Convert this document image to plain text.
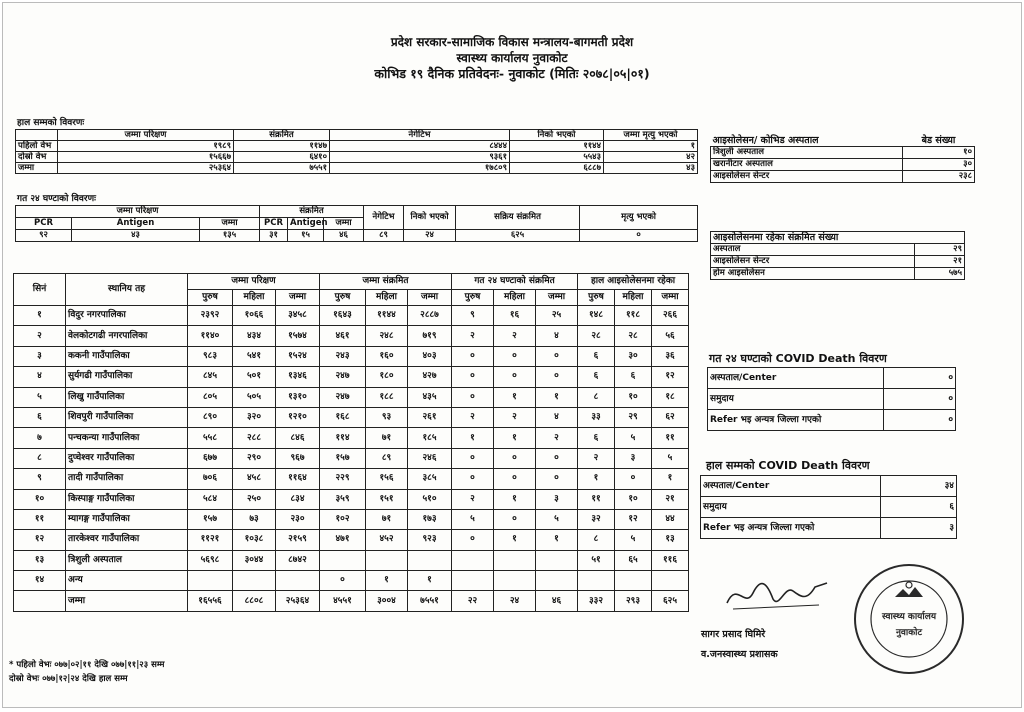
प्रदेश सरकार-सामाजिक विकास मन्त्रालय-बागमती प्रदेश
स्वास्थ्य कार्यालय नुवाकोट
कोभिड १९ दैनिक प्रतिवेदनः- नुवाकोट (मितिः २०७८|०५|०१)
हाल सम्मको विवरणः
	जम्मा परिक्षण	संक्रमित	नेगेटिभ	निको भएको	जम्मा मृत्यु भएको
पहिलो वेभ	१९८९	११४७	८४४४	११४४	१
दोस्रो वेभ	१५६६७	६४१०	९३६१	५५४३	४२
जम्मा	२५३६४	७५५१	१७८०९	६८८७	४३
गत २४ घण्टाको विवरणः
जम्मा परिक्षण			संक्रमित			नेगेटिभ	निको भएको	सक्रिय संक्रमित	मृत्यु भएको
PCR	Antigen	जम्मा	PCR	Antigen	जम्मा				
९२	४३	१३५	३१	१५	४६	८९	२४	६२५	०
आइसोलेसन/ कोभिड अस्पताल	बेड संख्या
त्रिशुली अस्पताल	१०
खरानीटार अस्पताल	३०
आइसोलेसन सेन्टर	२३८
आइसोलेसनमा रहेका संक्रमित संख्या	
अस्पताल	२९
आइसोलेसन सेन्टर	२१
होम आइसोलेसन	५७५
सिनं	स्थानिय तह	जम्मा परिक्षण			जम्मा संक्रमित			गत २४ घण्टाको संक्रमित			हाल आइसोलेसनमा रहेका		
		पुरुष	महिला	जम्मा	पुरुष	महिला	जम्मा	पुरुष	महिला	जम्मा	पुरुष	महिला	जम्मा
१	विदुर नगरपालिका	२३९२	१०६६	३४५८	१६४३	११४४	२८८७	९	१६	२५	१४८	११८	२६६
२	वेलकोटगढी नगरपालिका	११४०	४३४	१५७४	४६१	२४८	७१९	२	२	४	२८	२८	५६
३	ककनी गाउँपालिका	९८३	५४१	१५२४	२४३	१६०	४०३	०	०	०	६	३०	३६
४	सुर्यगढी गाउँपालिका	८४५	५०१	१३४६	२४७	१८०	४२७	०	०	०	६	६	१२
५	लिखु गाउँपालिका	८०५	५०५	१३१०	२४७	१८८	४३५	०	१	१	८	१०	१८
६	शिवपुरी गाउँपालिका	८९०	३२०	१२१०	१६८	९३	२६१	२	२	४	३३	२९	६२
७	पन्चकन्या गाउँपालिका	५५८	२८८	८४६	११४	७१	१८५	१	१	२	६	५	११
८	दुप्चेश्वर गाउँपालिका	६७७	२९०	९६७	१५७	८९	२४६	०	०	०	२	३	५
९	तादी गाउँपालिका	७०६	४५८	११६४	२२९	१५६	३८५	०	०	०	१	०	१
१०	किस्पाङ्ग गाउँपालिका	५८४	२५०	८३४	३५९	१५१	५१०	२	१	३	११	१०	२१
११	म्यागङ्ग गाउँपालिका	१५७	७३	२३०	१०२	७१	१७३	५	०	५	३२	१२	४४
१२	तारकेश्वर गाउँपालिका	११२१	१०३८	२१५९	४७१	४५२	९२३	०	१	१	८	५	१३
१३	त्रिशुली अस्पताल	५६९८	३०४४	८७४२							५१	६५	११६
१४	अन्य				०	१	१						
	जम्मा	१६५५६	८८०८	२५३६४	४५५१	३००४	७५५१	२२	२४	४६	३३२	२९३	६२५
गत २४ घण्टाको COVID Death विवरण
अस्पताल/Center	०
समुदाय	०
Refer भइ अन्यत्र जिल्ला गएको	०
हाल सम्मको COVID Death विवरण
अस्पताल/Center	३४
समुदाय	६
Refer भइ अन्यत्र जिल्ला गएको	३
सागर प्रसाद घिमिरे
व.जनस्वास्थ्य प्रशासक
स्वास्थ्य कार्यालय
नुवाकोट
* पहिलो वेभः ०७७|०२|११ देखि ०७७|११|२३ सम्म
दोस्रो वेभः ०७७|१२|२४ देखि हाल सम्म
